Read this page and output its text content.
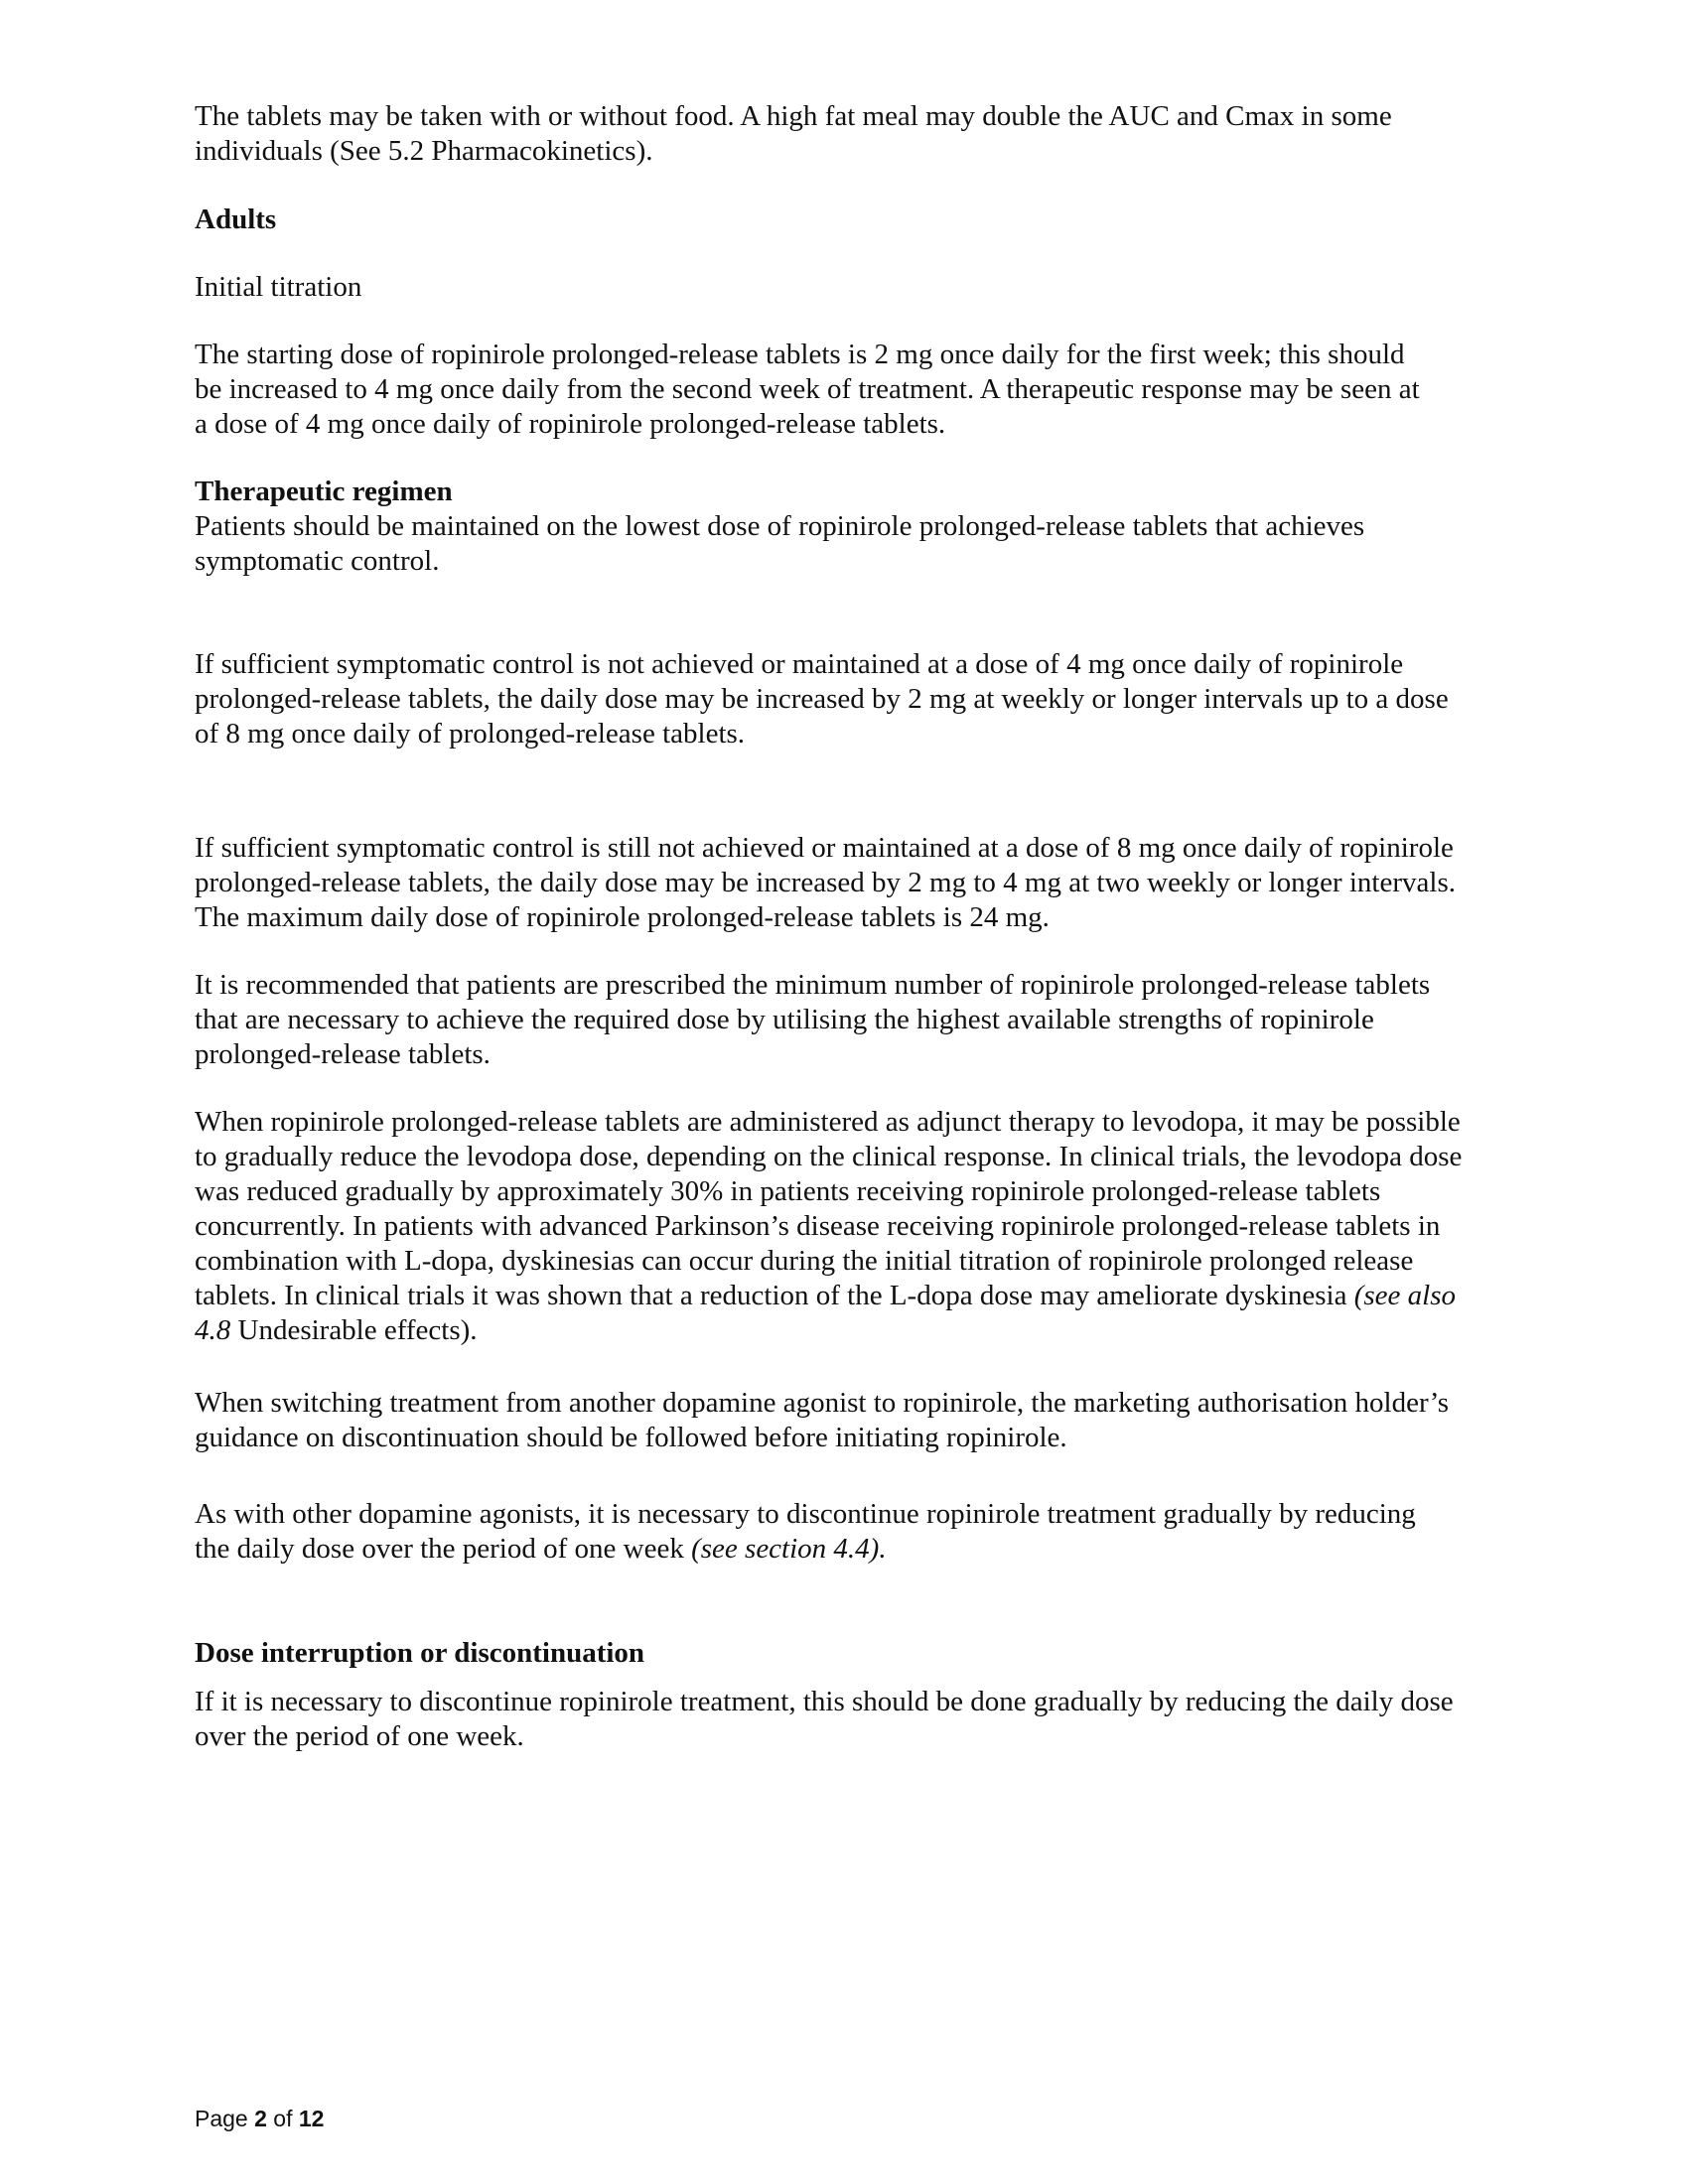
The tablets may be taken with or without food. A high fat meal may double the AUC and Cmax in some
individuals (See 5.2 Pharmacokinetics).

Adults

Initial titration

The starting dose of ropinirole prolonged-release tablets is 2 mg once daily for the first week; this should
be increased to 4 mg once daily from the second week of treatment. A therapeutic response may be seen at
a dose of 4 mg once daily of ropinirole prolonged-release tablets.

Therapeutic regimen

Patients should be maintained on the lowest dose of ropinirole prolonged-release tablets that achieves
symptomatic control.

If sufficient symptomatic control is not achieved or maintained at a dose of 4 mg once daily of ropinirole
prolonged-release tablets, the daily dose may be increased by 2 mg at weekly or longer intervals up to a dose
of 8 mg once daily of prolonged-release tablets.

If sufficient symptomatic control is still not achieved or maintained at a dose of 8 mg once daily of ropinirole
prolonged-release tablets, the daily dose may be increased by 2 mg to 4 mg at two weekly or longer intervals.
The maximum daily dose of ropinirole prolonged-release tablets is 24 mg.

It is recommended that patients are prescribed the minimum number of ropinirole prolonged-release tablets
that are necessary to achieve the required dose by utilising the highest available strengths of ropinirole
prolonged-release tablets.

When ropinirole prolonged-release tablets are administered as adjunct therapy to levodopa, it may be possible
to gradually reduce the levodopa dose, depending on the clinical response. In clinical trials, the levodopa dose
was reduced gradually by approximately 30% in patients receiving ropinirole prolonged-release tablets
concurrently. In patients with advanced Parkinson’s disease receiving ropinirole prolonged-release tablets in
combination with L-dopa, dyskinesias can occur during the initial titration of ropinirole prolonged release
tablets. In clinical trials it was shown that a reduction of the L-dopa dose may ameliorate dyskinesia (see also
4.8 Undesirable effects).

When switching treatment from another dopamine agonist to ropinirole, the marketing authorisation holder’s
guidance on discontinuation should be followed before initiating ropinirole.

As with other dopamine agonists, it is necessary to discontinue ropinirole treatment gradually by reducing
the daily dose over the period of one week (see section 4.4).

Dose interruption or discontinuation

If it is necessary to discontinue ropinirole treatment, this should be done gradually by reducing the daily dose
over the period of one week.

Page 2 of 12
